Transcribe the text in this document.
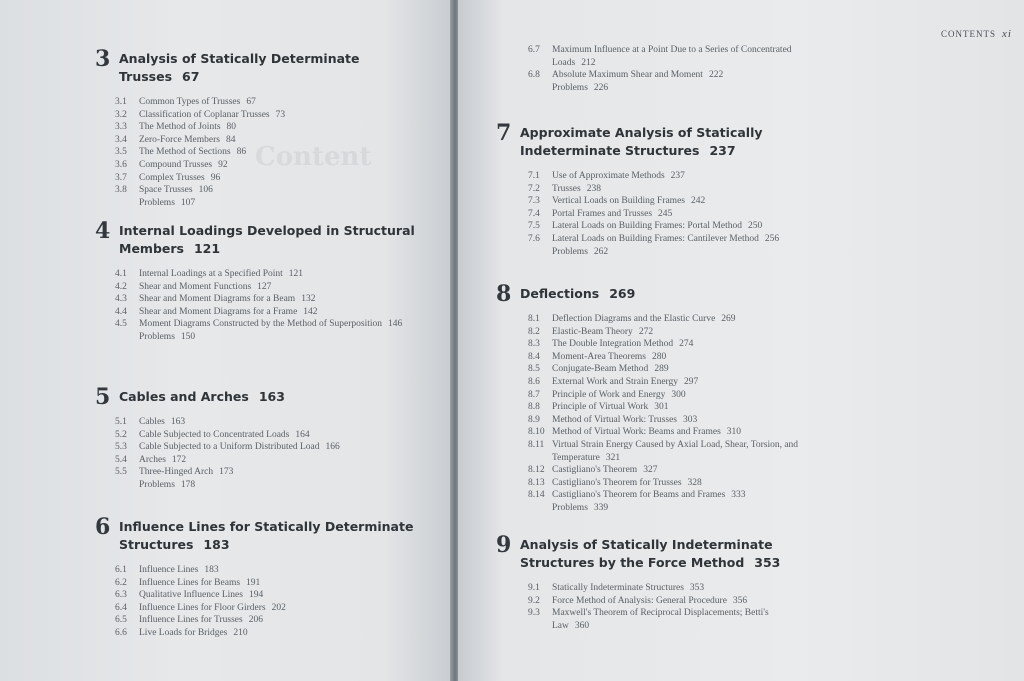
Content
3 Analysis of Statically Determinate Trusses 67
3.1	Common Types of Trusses 67
3.2	Classification of Coplanar Trusses 73
3.3	The Method of Joints 80
3.4	Zero-Force Members 84
3.5	The Method of Sections 86
3.6	Compound Trusses 92
3.7	Complex Trusses 96
3.8	Space Trusses 106
Problems 107
4 Internal Loadings Developed in Structural Members 121
4.1	Internal Loadings at a Specified Point 121
4.2	Shear and Moment Functions 127
4.3	Shear and Moment Diagrams for a Beam 132
4.4	Shear and Moment Diagrams for a Frame 142
4.5	Moment Diagrams Constructed by the Method of Superposition 146
Problems 150
5 Cables and Arches 163
5.1	Cables 163
5.2	Cable Subjected to Concentrated Loads 164
5.3	Cable Subjected to a Uniform Distributed Load 166
5.4	Arches 172
5.5	Three-Hinged Arch 173
Problems 178
6 Influence Lines for Statically Determinate Structures 183
6.1	Influence Lines 183
6.2	Influence Lines for Beams 191
6.3	Qualitative Influence Lines 194
6.4	Influence Lines for Floor Girders 202
6.5	Influence Lines for Trusses 206
6.6	Live Loads for Bridges 210
CONTENTS xi
6.7	Maximum Influence at a Point Due to a Series of Concentrated Loads 212
6.8	Absolute Maximum Shear and Moment 222
Problems 226
7 Approximate Analysis of Statically Indeterminate Structures 237
7.1	Use of Approximate Methods 237
7.2	Trusses 238
7.3	Vertical Loads on Building Frames 242
7.4	Portal Frames and Trusses 245
7.5	Lateral Loads on Building Frames: Portal Method 250
7.6	Lateral Loads on Building Frames: Cantilever Method 256
Problems 262
8 Deflections 269
8.1	Deflection Diagrams and the Elastic Curve 269
8.2	Elastic-Beam Theory 272
8.3	The Double Integration Method 274
8.4	Moment-Area Theorems 280
8.5	Conjugate-Beam Method 289
8.6	External Work and Strain Energy 297
8.7	Principle of Work and Energy 300
8.8	Principle of Virtual Work 301
8.9	Method of Virtual Work: Trusses 303
8.10 Method of Virtual Work: Beams and Frames 310
8.11 Virtual Strain Energy Caused by Axial Load, Shear, Torsion, and Temperature 321
8.12 Castigliano's Theorem 327
8.13 Castigliano's Theorem for Trusses 328
8.14 Castigliano's Theorem for Beams and Frames 333
Problems 339
9 Analysis of Statically Indeterminate Structures by the Force Method 353
9.1	Statically Indeterminate Structures 353
9.2	Force Method of Analysis: General Procedure 356
9.3	Maxwell's Theorem of Reciprocal Displacements; Betti's Law 360
